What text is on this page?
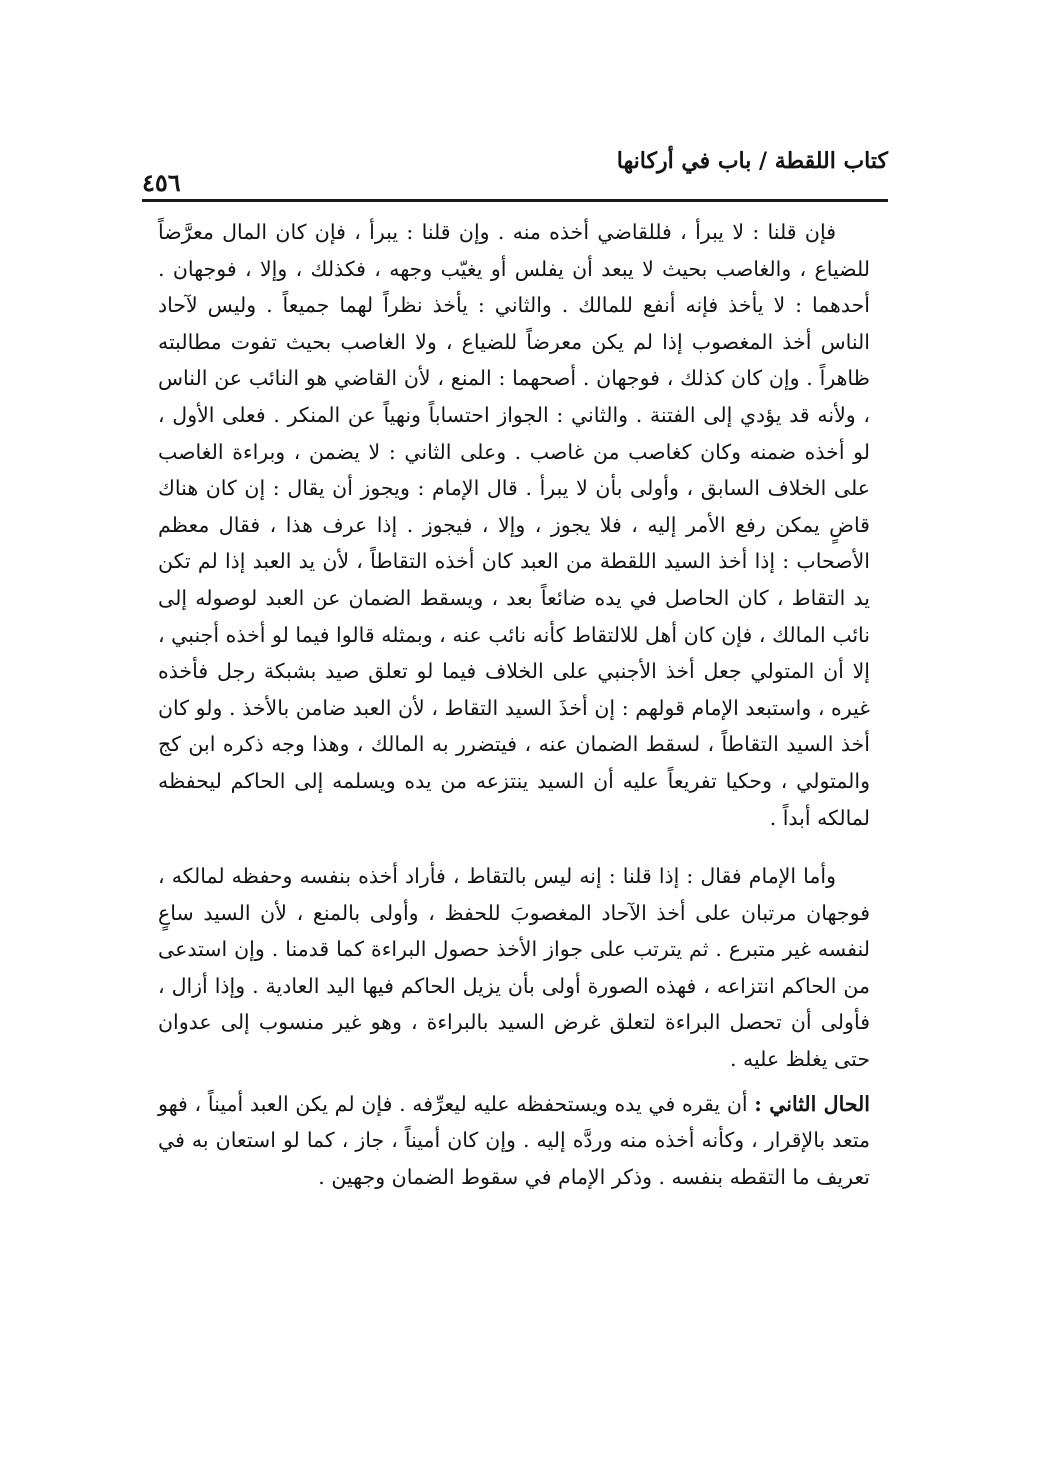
كتاب اللقطة / باب في أركانها
٤٥٦

فإن قلنا : لا يبرأ ، فللقاضي أخذه منه . وإن قلنا : يبرأ ، فإن كان المال معرَّضاً للضياع ، والغاصب بحيث لا يبعد أن يفلس أو يغيّب وجهه ، فكذلك ، وإلا ، فوجهان . أحدهما : لا يأخذ فإنه أنفع للمالك . والثاني : يأخذ نظراً لهما جميعاً . وليس لآحاد الناس أخذ المغصوب إذا لم يكن معرضاً للضياع ، ولا الغاصب بحيث تفوت مطالبته ظاهراً . وإن كان كذلك ، فوجهان . أصحهما : المنع ، لأن القاضي هو النائب عن الناس ، ولأنه قد يؤدي إلى الفتنة . والثاني : الجواز احتساباً ونهياً عن المنكر . فعلى الأول ، لو أخذه ضمنه وكان كغاصب من غاصب . وعلى الثاني : لا يضمن ، وبراءة الغاصب على الخلاف السابق ، وأولى بأن لا يبرأ . قال الإمام : ويجوز أن يقال : إن كان هناك قاضٍ يمكن رفع الأمر إليه ، فلا يجوز ، وإلا ، فيجوز . إذا عرف هذا ، فقال معظم الأصحاب : إذا أخذ السيد اللقطة من العبد كان أخذه التقاطاً ، لأن يد العبد إذا لم تكن يد التقاط ، كان الحاصل في يده ضائعاً بعد ، ويسقط الضمان عن العبد لوصوله إلى نائب المالك ، فإن كان أهل للالتقاط كأنه نائب عنه ، وبمثله قالوا فيما لو أخذه أجنبي ، إلا أن المتولي جعل أخذ الأجنبي على الخلاف فيما لو تعلق صيد بشبكة رجل فأخذه غيره ، واستبعد الإمام قولهم : إن أخذَ السيد التقاط ، لأن العبد ضامن بالأخذ . ولو كان أخذ السيد التقاطاً ، لسقط الضمان عنه ، فيتضرر به المالك ، وهذا وجه ذكره ابن كج والمتولي ، وحكيا تفريعاً عليه أن السيد ينتزعه من يده ويسلمه إلى الحاكم ليحفظه لمالكه أبداً .

وأما الإمام فقال : إذا قلنا : إنه ليس بالتقاط ، فأراد أخذه بنفسه وحفظه لمالكه ، فوجهان مرتبان على أخذ الآحاد المغصوبَ للحفظ ، وأولى بالمنع ، لأن السيد ساعٍ لنفسه غير متبرع . ثم يترتب على جواز الأخذ حصول البراءة كما قدمنا . وإن استدعى من الحاكم انتزاعه ، فهذه الصورة أولى بأن يزيل الحاكم فيها اليد العادية . وإذا أزال ، فأولى أن تحصل البراءة لتعلق غرض السيد بالبراءة ، وهو غير منسوب إلى عدوان حتى يغلظ عليه .

الحال الثاني : أن يقره في يده ويستحفظه عليه ليعرِّفه . فإن لم يكن العبد أميناً ، فهو متعد بالإقرار ، وكأنه أخذه منه وردَّه إليه . وإن كان أميناً ، جاز ، كما لو استعان به في تعريف ما التقطه بنفسه . وذكر الإمام في سقوط الضمان وجهين .
